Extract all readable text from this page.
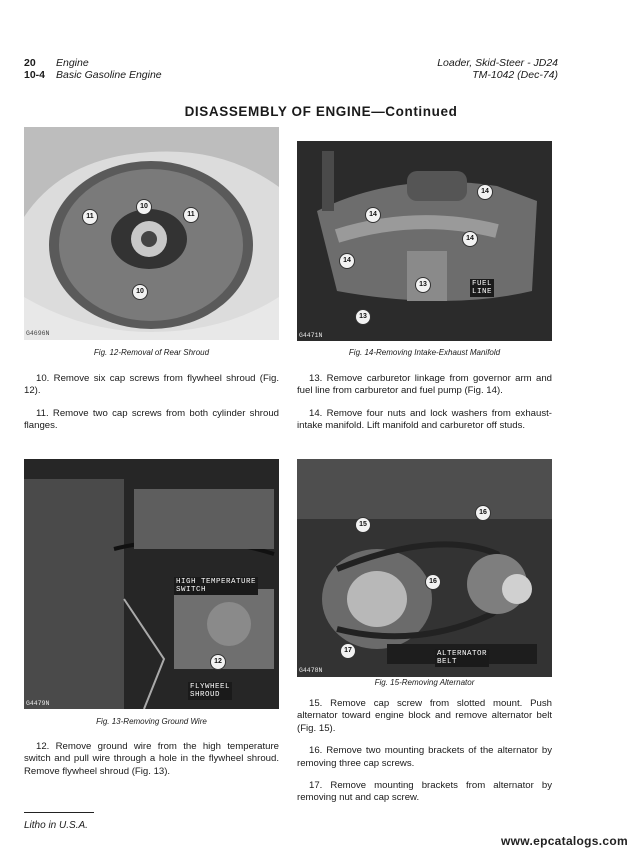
20 Engine
10-4 Basic Gasoline Engine
Loader, Skid-Steer - JD24
TM-1042 (Dec-74)
DISASSEMBLY OF ENGINE—Continued
10
11	11
10
G4696N
Fig. 12-Removal of Rear Shroud
14
14
14
14
13
13
FUEL
LINE
G4471N
Fig. 14-Removing Intake-Exhaust Manifold

10. Remove six cap screws from flywheel shroud (Fig. 12).

11. Remove two cap screws from both cylinder shroud flanges.

13. Remove carburetor linkage from governor arm and fuel line from carburetor and fuel pump (Fig. 14).

14. Remove four nuts and lock washers from exhaust-intake manifold. Lift manifold and carburetor off studs.

HIGH TEMPERATURE
SWITCH
12
FLYWHEEL
SHROUD
G4479N
Fig. 13-Removing Ground Wire
15
16
16
17	ALTERNATOR
BELT
G4478N
Fig. 15-Removing Alternator

12. Remove ground wire from the high temperature switch and pull wire through a hole in the flywheel shroud. Remove flywheel shroud (Fig. 13).

15. Remove cap screw from slotted mount. Push alternator toward engine block and remove alternator belt (Fig. 15).

16. Remove two mounting brackets of the alternator by removing three cap screws.

17. Remove mounting brackets from alternator by removing nut and cap screw.

Litho in U.S.A.
www.epcatalogs.com
